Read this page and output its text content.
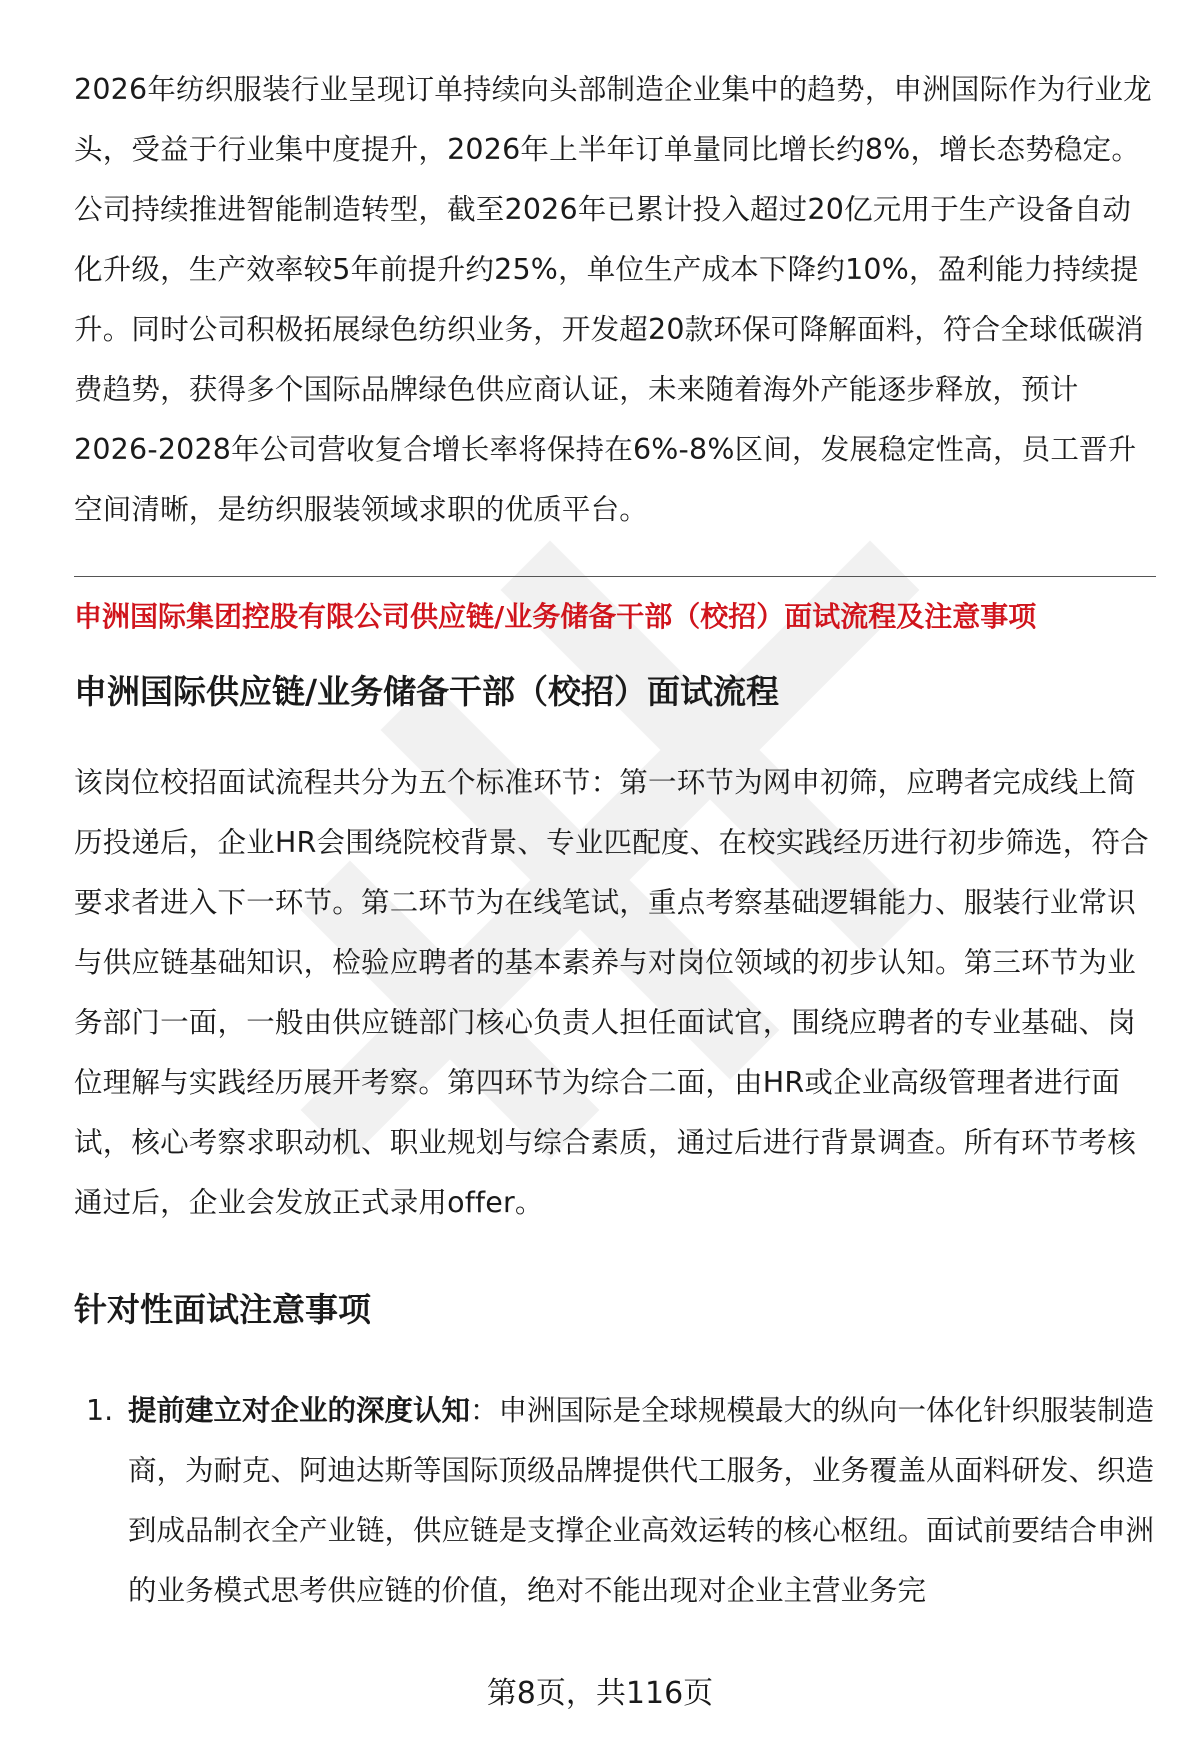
2026年纺织服装行业呈现订单持续向头部制造企业集中的趋势，申洲国际作为行业龙头，受益于行业集中度提升，2026年上半年订单量同比增长约8%，增长态势稳定。公司持续推进智能制造转型，截至2026年已累计投入超过20亿元用于生产设备自动化升级，生产效率较5年前提升约25%，单位生产成本下降约10%，盈利能力持续提升。同时公司积极拓展绿色纺织业务，开发超20款环保可降解面料，符合全球低碳消费趋势，获得多个国际品牌绿色供应商认证，未来随着海外产能逐步释放，预计2026-2028年公司营收复合增长率将保持在6%-8%区间，发展稳定性高，员工晋升空间清晰，是纺织服装领域求职的优质平台。

申洲国际集团控股有限公司供应链/业务储备干部（校招）面试流程及注意事项
申洲国际供应链/业务储备干部（校招）面试流程

该岗位校招面试流程共分为五个标准环节：第一环节为网申初筛，应聘者完成线上简历投递后，企业HR会围绕院校背景、专业匹配度、在校实践经历进行初步筛选，符合要求者进入下一环节。第二环节为在线笔试，重点考察基础逻辑能力、服装行业常识与供应链基础知识，检验应聘者的基本素养与对岗位领域的初步认知。第三环节为业务部门一面，一般由供应链部门核心负责人担任面试官，围绕应聘者的专业基础、岗位理解与实践经历展开考察。第四环节为综合二面，由HR或企业高级管理者进行面试，核心考察求职动机、职业规划与综合素质，通过后进行背景调查。所有环节考核通过后，企业会发放正式录用offer。

针对性面试注意事项
1. 提前建立对企业的深度认知：申洲国际是全球规模最大的纵向一体化针织服装制造商，为耐克、阿迪达斯等国际顶级品牌提供代工服务，业务覆盖从面料研发、织造到成品制衣全产业链，供应链是支撑企业高效运转的核心枢纽。面试前要结合申洲的业务模式思考供应链的价值，绝对不能出现对企业主营业务完
第8页，共116页
